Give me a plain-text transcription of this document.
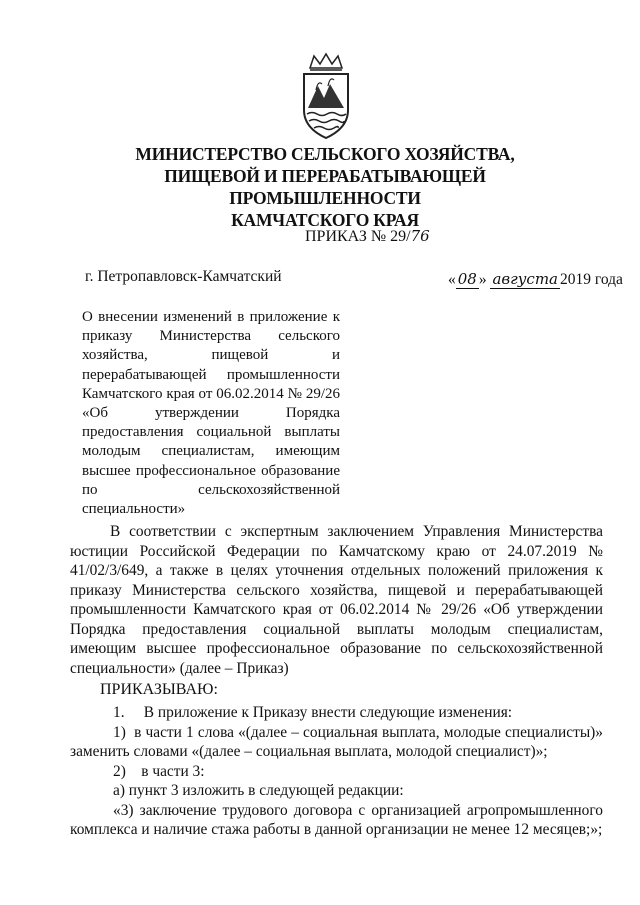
МИНИСТЕРСТВО СЕЛЬСКОГО ХОЗЯЙСТВА,
ПИЩЕВОЙ И ПЕРЕРАБАТЫВАЮЩЕЙ ПРОМЫШЛЕННОСТИ
КАМЧАТСКОГО КРАЯ
ПРИКАЗ № 29/76
г. Петропавловск-Камчатский	« 08 » августа 2019 года
О внесении изменений в приложение к приказу Министерства сельского хозяйства, пищевой и перерабатывающей промышленности Камчатского края от 06.02.2014 № 29/26 «Об утверждении Порядка предоставления социальной выплаты молодым специалистам, имеющим высшее профессиональное образование по сельскохозяйственной специальности»

В соответствии с экспертным заключением Управления Министерства юстиции Российской Федерации по Камчатскому краю от 24.07.2019 № 41/02/3/649, а также в целях уточнения отдельных положений приложения к приказу Министерства сельского хозяйства, пищевой и перерабатывающей промышленности Камчатского края от 06.02.2014 № 29/26 «Об утверждении Порядка предоставления социальной выплаты молодым специалистам, имеющим высшее профессиональное образование по сельскохозяйственной специальности» (далее – Приказ)

ПРИКАЗЫВАЮ:

1.     В приложение к Приказу внести следующие изменения:

1)  в части 1 слова «(далее – социальная выплата, молодые специалисты)» заменить словами «(далее – социальная выплата, молодой специалист)»;

2)    в части 3:

а) пункт 3 изложить в следующей редакции:

«3) заключение трудового договора с организацией агропромышленного комплекса и наличие стажа работы в данной организации не менее 12 месяцев;»;
